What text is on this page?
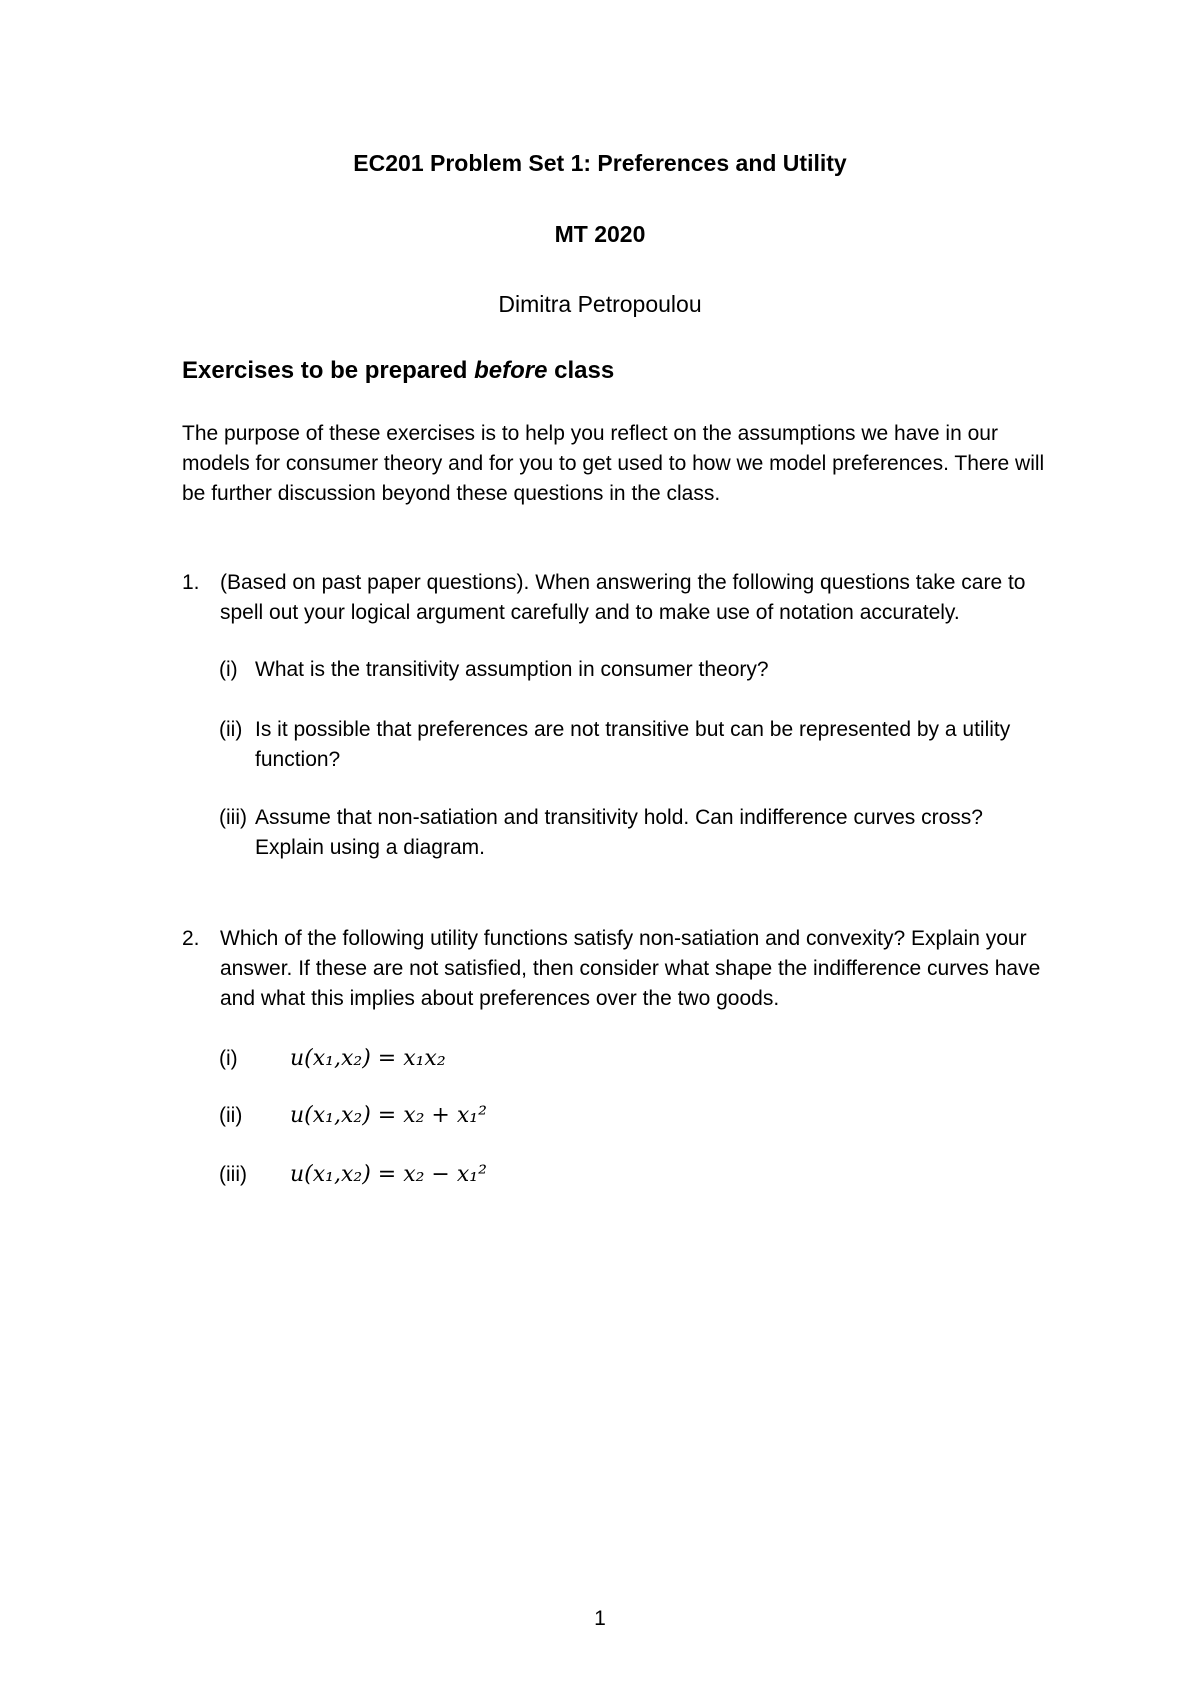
EC201 Problem Set 1: Preferences and Utility
MT 2020
Dimitra Petropoulou
Exercises to be prepared before class
The purpose of these exercises is to help you reflect on the assumptions we have in our models for consumer theory and for you to get used to how we model preferences. There will be further discussion beyond these questions in the class.
1. (Based on past paper questions). When answering the following questions take care to spell out your logical argument carefully and to make use of notation accurately.
(i) What is the transitivity assumption in consumer theory?
(ii) Is it possible that preferences are not transitive but can be represented by a utility function?
(iii) Assume that non-satiation and transitivity hold. Can indifference curves cross? Explain using a diagram.
2. Which of the following utility functions satisfy non-satiation and convexity? Explain your answer. If these are not satisfied, then consider what shape the indifference curves have and what this implies about preferences over the two goods.
(i) u(x₁,x₂) = x₁x₂
(ii) u(x₁,x₂) = x₂ + x₁²
(iii) u(x₁,x₂) = x₂ − x₁²
1
